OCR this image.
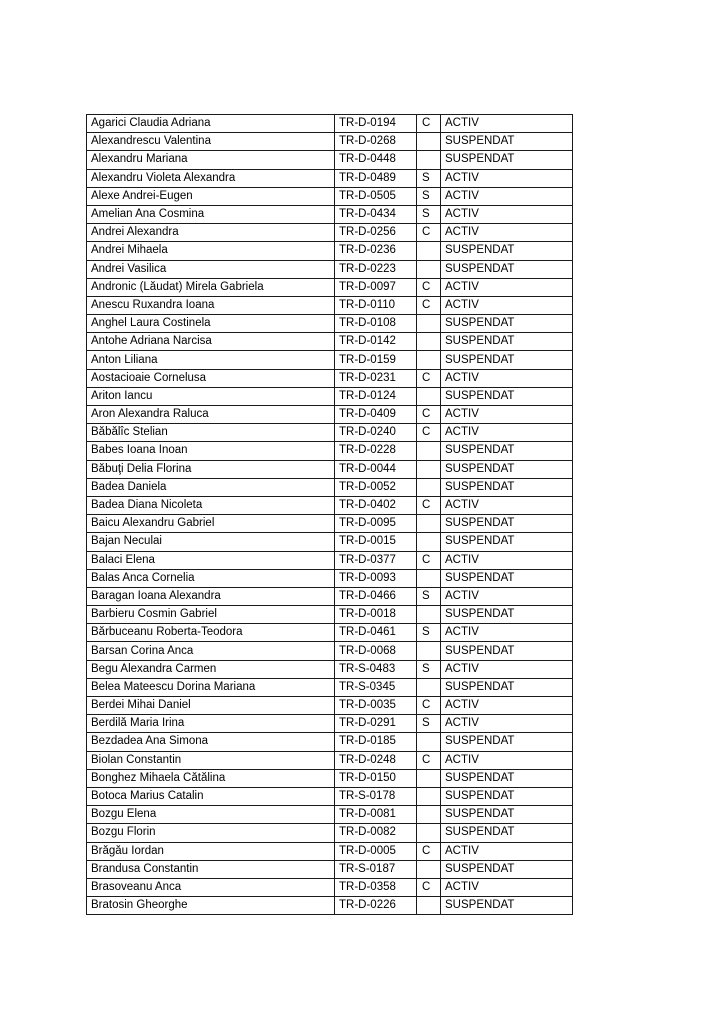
Agarici Claudia Adriana	TR-D-0194	C	ACTIV
Alexandrescu Valentina	TR-D-0268		SUSPENDAT
Alexandru Mariana	TR-D-0448		SUSPENDAT
Alexandru Violeta Alexandra	TR-D-0489	S	ACTIV
Alexe Andrei-Eugen	TR-D-0505	S	ACTIV
Amelian Ana Cosmina	TR-D-0434	S	ACTIV
Andrei Alexandra	TR-D-0256	C	ACTIV
Andrei Mihaela	TR-D-0236		SUSPENDAT
Andrei Vasilica	TR-D-0223		SUSPENDAT
Andronic (Lăudat) Mirela Gabriela	TR-D-0097	C	ACTIV
Anescu Ruxandra Ioana	TR-D-0110	C	ACTIV
Anghel Laura Costinela	TR-D-0108		SUSPENDAT
Antohe Adriana Narcisa	TR-D-0142		SUSPENDAT
Anton Liliana	TR-D-0159		SUSPENDAT
Aostacioaie Cornelusa	TR-D-0231	C	ACTIV
Ariton Iancu	TR-D-0124		SUSPENDAT
Aron Alexandra Raluca	TR-D-0409	C	ACTIV
Băbălîc Stelian	TR-D-0240	C	ACTIV
Babes Ioana Inoan	TR-D-0228		SUSPENDAT
Băbuţi Delia Florina	TR-D-0044		SUSPENDAT
Badea Daniela	TR-D-0052		SUSPENDAT
Badea Diana Nicoleta	TR-D-0402	C	ACTIV
Baicu Alexandru Gabriel	TR-D-0095		SUSPENDAT
Bajan Neculai	TR-D-0015		SUSPENDAT
Balaci Elena	TR-D-0377	C	ACTIV
Balas Anca Cornelia	TR-D-0093		SUSPENDAT
Baragan Ioana Alexandra	TR-D-0466	S	ACTIV
Barbieru Cosmin Gabriel	TR-D-0018		SUSPENDAT
Bărbuceanu Roberta-Teodora	TR-D-0461	S	ACTIV
Barsan Corina Anca	TR-D-0068		SUSPENDAT
Begu Alexandra Carmen	TR-S-0483	S	ACTIV
Belea Mateescu Dorina Mariana	TR-S-0345		SUSPENDAT
Berdei Mihai Daniel	TR-D-0035	C	ACTIV
Berdilă Maria Irina	TR-D-0291	S	ACTIV
Bezdadea Ana Simona	TR-D-0185		SUSPENDAT
Biolan Constantin	TR-D-0248	C	ACTIV
Bonghez Mihaela Cătălina	TR-D-0150		SUSPENDAT
Botoca Marius Catalin	TR-S-0178		SUSPENDAT
Bozgu Elena	TR-D-0081		SUSPENDAT
Bozgu Florin	TR-D-0082		SUSPENDAT
Brăgău Iordan	TR-D-0005	C	ACTIV
Brandusa Constantin	TR-S-0187		SUSPENDAT
Brasoveanu Anca	TR-D-0358	C	ACTIV
Bratosin Gheorghe	TR-D-0226		SUSPENDAT
